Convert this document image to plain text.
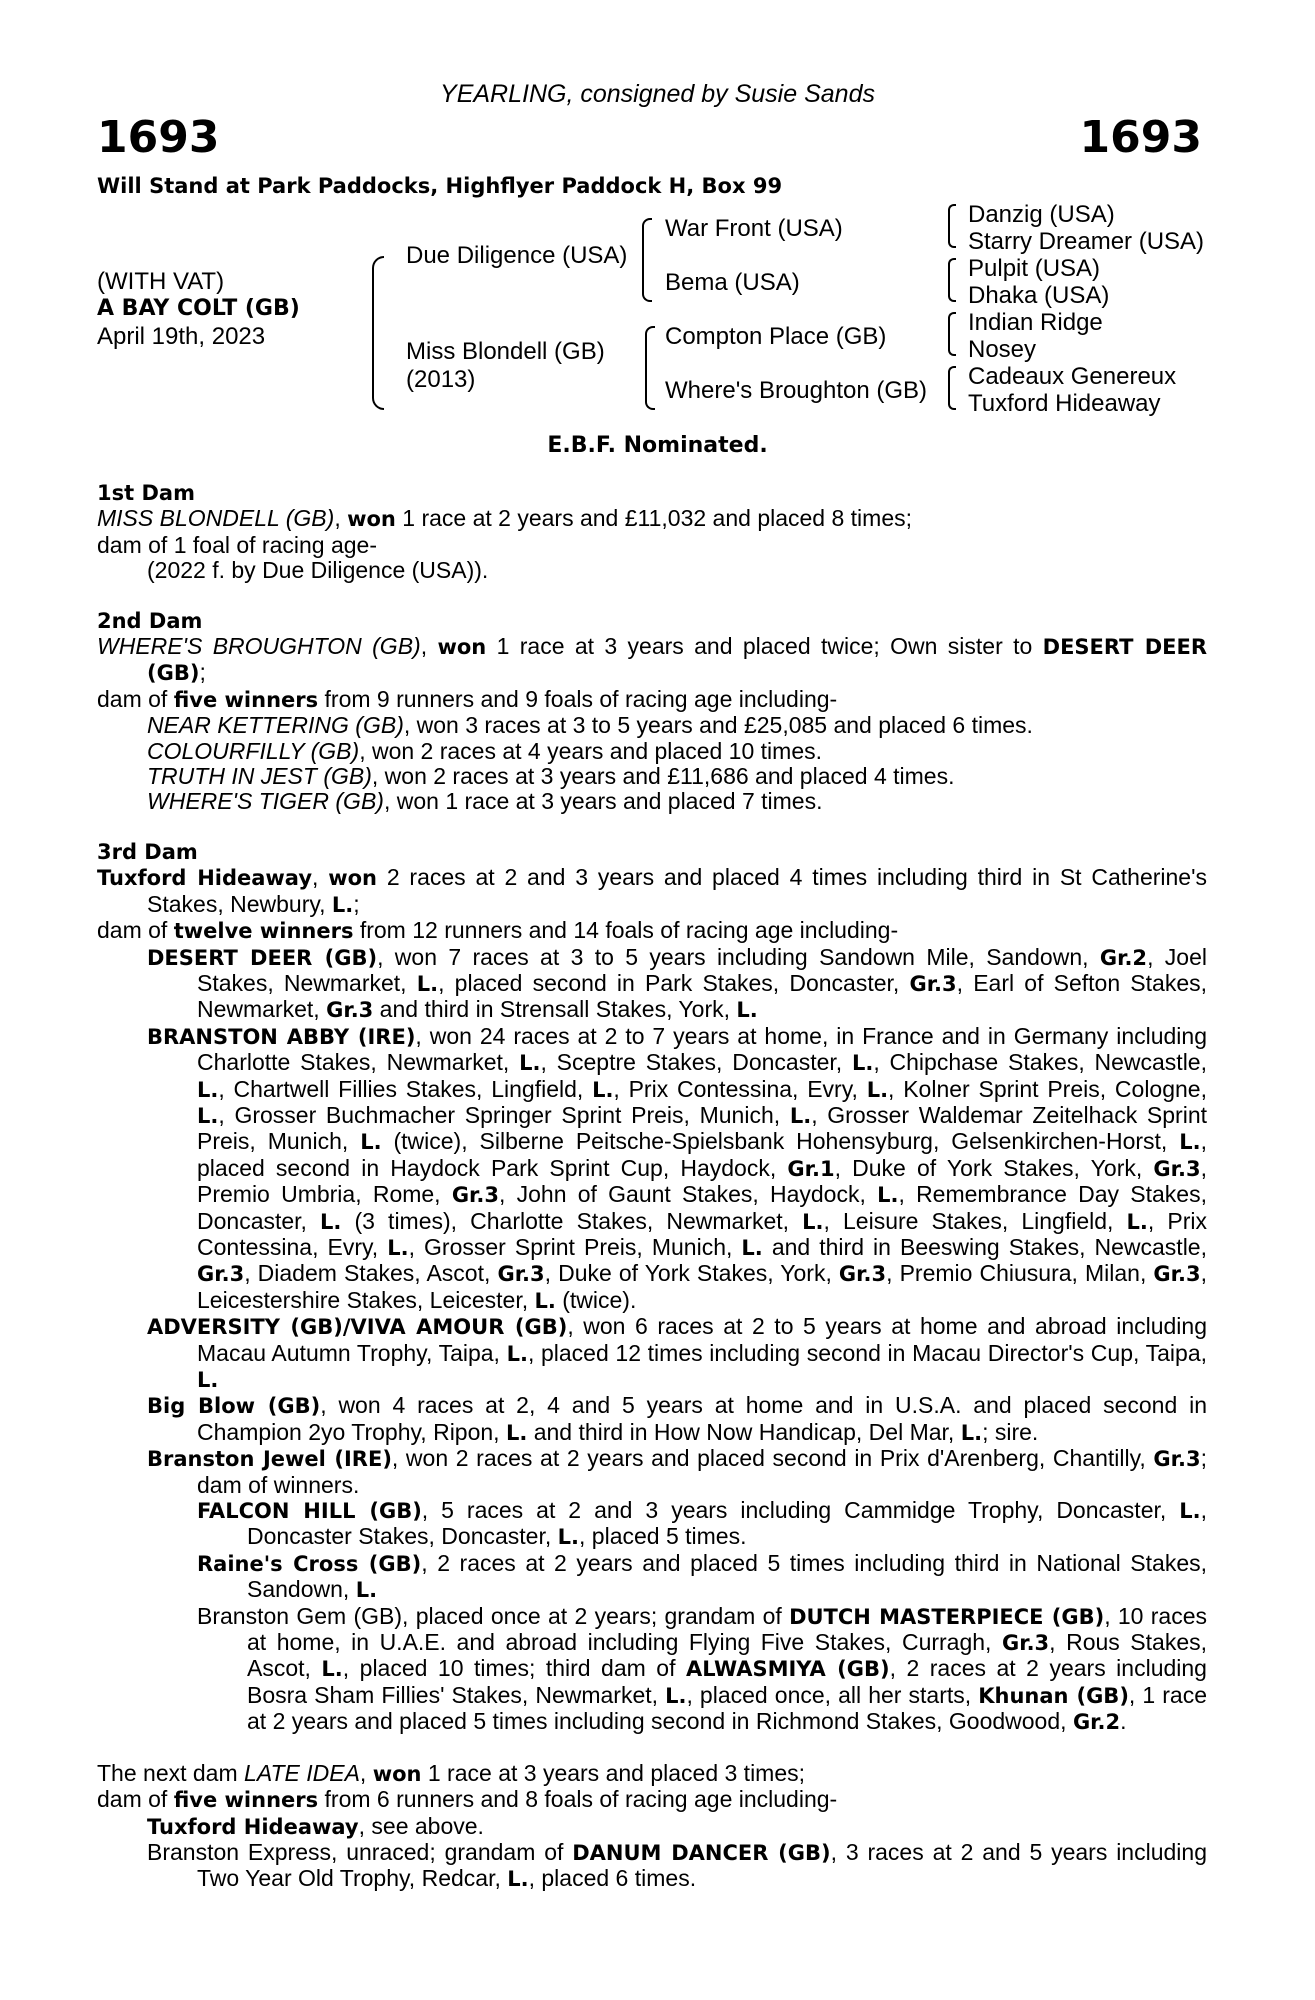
YEARLING, consigned by Susie Sands
1693	1693
Will Stand at Park Paddocks, Highflyer Paddock H, Box 99
(WITH VAT)
A BAY COLT (GB)
April 19th, 2023
Due Diligence (USA)
Miss Blondell (GB)
(2013)
War Front (USA)
Bema (USA)
Compton Place (GB)
Where's Broughton (GB)
Danzig (USA)
Starry Dreamer (USA)
Pulpit (USA)
Dhaka (USA)
Indian Ridge
Nosey
Cadeaux Genereux
Tuxford Hideaway
E.B.F. Nominated.

1st Dam

MISS BLONDELL (GB), won 1 race at 2 years and £11,032 and placed 8 times;

dam of 1 foal of racing age-

(2022 f. by Due Diligence (USA)).

2nd Dam

WHERE'S BROUGHTON (GB), won 1 race at 3 years and placed twice; Own sister to DESERT DEER (GB);

dam of five winners from 9 runners and 9 foals of racing age including-

NEAR KETTERING (GB), won 3 races at 3 to 5 years and £25,085 and placed 6 times.

COLOURFILLY (GB), won 2 races at 4 years and placed 10 times.

TRUTH IN JEST (GB), won 2 races at 3 years and £11,686 and placed 4 times.

WHERE'S TIGER (GB), won 1 race at 3 years and placed 7 times.

3rd Dam

Tuxford Hideaway, won 2 races at 2 and 3 years and placed 4 times including third in St Catherine's Stakes, Newbury, L.;

dam of twelve winners from 12 runners and 14 foals of racing age including-

DESERT DEER (GB), won 7 races at 3 to 5 years including Sandown Mile, Sandown, Gr.2, Joel Stakes, Newmarket, L., placed second in Park Stakes, Doncaster, Gr.3, Earl of Sefton Stakes, Newmarket, Gr.3 and third in Strensall Stakes, York, L.

BRANSTON ABBY (IRE), won 24 races at 2 to 7 years at home, in France and in Germany including Charlotte Stakes, Newmarket, L., Sceptre Stakes, Doncaster, L., Chipchase Stakes, Newcastle, L., Chartwell Fillies Stakes, Lingfield, L., Prix Contessina, Evry, L., Kolner Sprint Preis, Cologne, L., Grosser Buchmacher Springer Sprint Preis, Munich, L., Grosser Waldemar Zeitelhack Sprint Preis, Munich, L. (twice), Silberne Peitsche-Spielsbank Hohensyburg, Gelsenkirchen-Horst, L., placed second in Haydock Park Sprint Cup, Haydock, Gr.1, Duke of York Stakes, York, Gr.3, Premio Umbria, Rome, Gr.3, John of Gaunt Stakes, Haydock, L., Remembrance Day Stakes, Doncaster, L. (3 times), Charlotte Stakes, Newmarket, L., Leisure Stakes, Lingfield, L., Prix Contessina, Evry, L., Grosser Sprint Preis, Munich, L. and third in Beeswing Stakes, Newcastle, Gr.3, Diadem Stakes, Ascot, Gr.3, Duke of York Stakes, York, Gr.3, Premio Chiusura, Milan, Gr.3, Leicestershire Stakes, Leicester, L. (twice).

ADVERSITY (GB)/VIVA AMOUR (GB), won 6 races at 2 to 5 years at home and abroad including Macau Autumn Trophy, Taipa, L., placed 12 times including second in Macau Director's Cup, Taipa, L.

Big Blow (GB), won 4 races at 2, 4 and 5 years at home and in U.S.A. and placed second in Champion 2yo Trophy, Ripon, L. and third in How Now Handicap, Del Mar, L.; sire.

Branston Jewel (IRE), won 2 races at 2 years and placed second in Prix d'Arenberg, Chantilly, Gr.3; dam of winners.

FALCON HILL (GB), 5 races at 2 and 3 years including Cammidge Trophy, Doncaster, L., Doncaster Stakes, Doncaster, L., placed 5 times.

Raine's Cross (GB), 2 races at 2 years and placed 5 times including third in National Stakes, Sandown, L.

Branston Gem (GB), placed once at 2 years; grandam of DUTCH MASTERPIECE (GB), 10 races at home, in U.A.E. and abroad including Flying Five Stakes, Curragh, Gr.3, Rous Stakes, Ascot, L., placed 10 times; third dam of ALWASMIYA (GB), 2 races at 2 years including Bosra Sham Fillies' Stakes, Newmarket, L., placed once, all her starts, Khunan (GB), 1 race at 2 years and placed 5 times including second in Richmond Stakes, Goodwood, Gr.2.

The next dam LATE IDEA, won 1 race at 3 years and placed 3 times;

dam of five winners from 6 runners and 8 foals of racing age including-

Tuxford Hideaway, see above.

Branston Express, unraced; grandam of DANUM DANCER (GB), 3 races at 2 and 5 years including Two Year Old Trophy, Redcar, L., placed 6 times.
